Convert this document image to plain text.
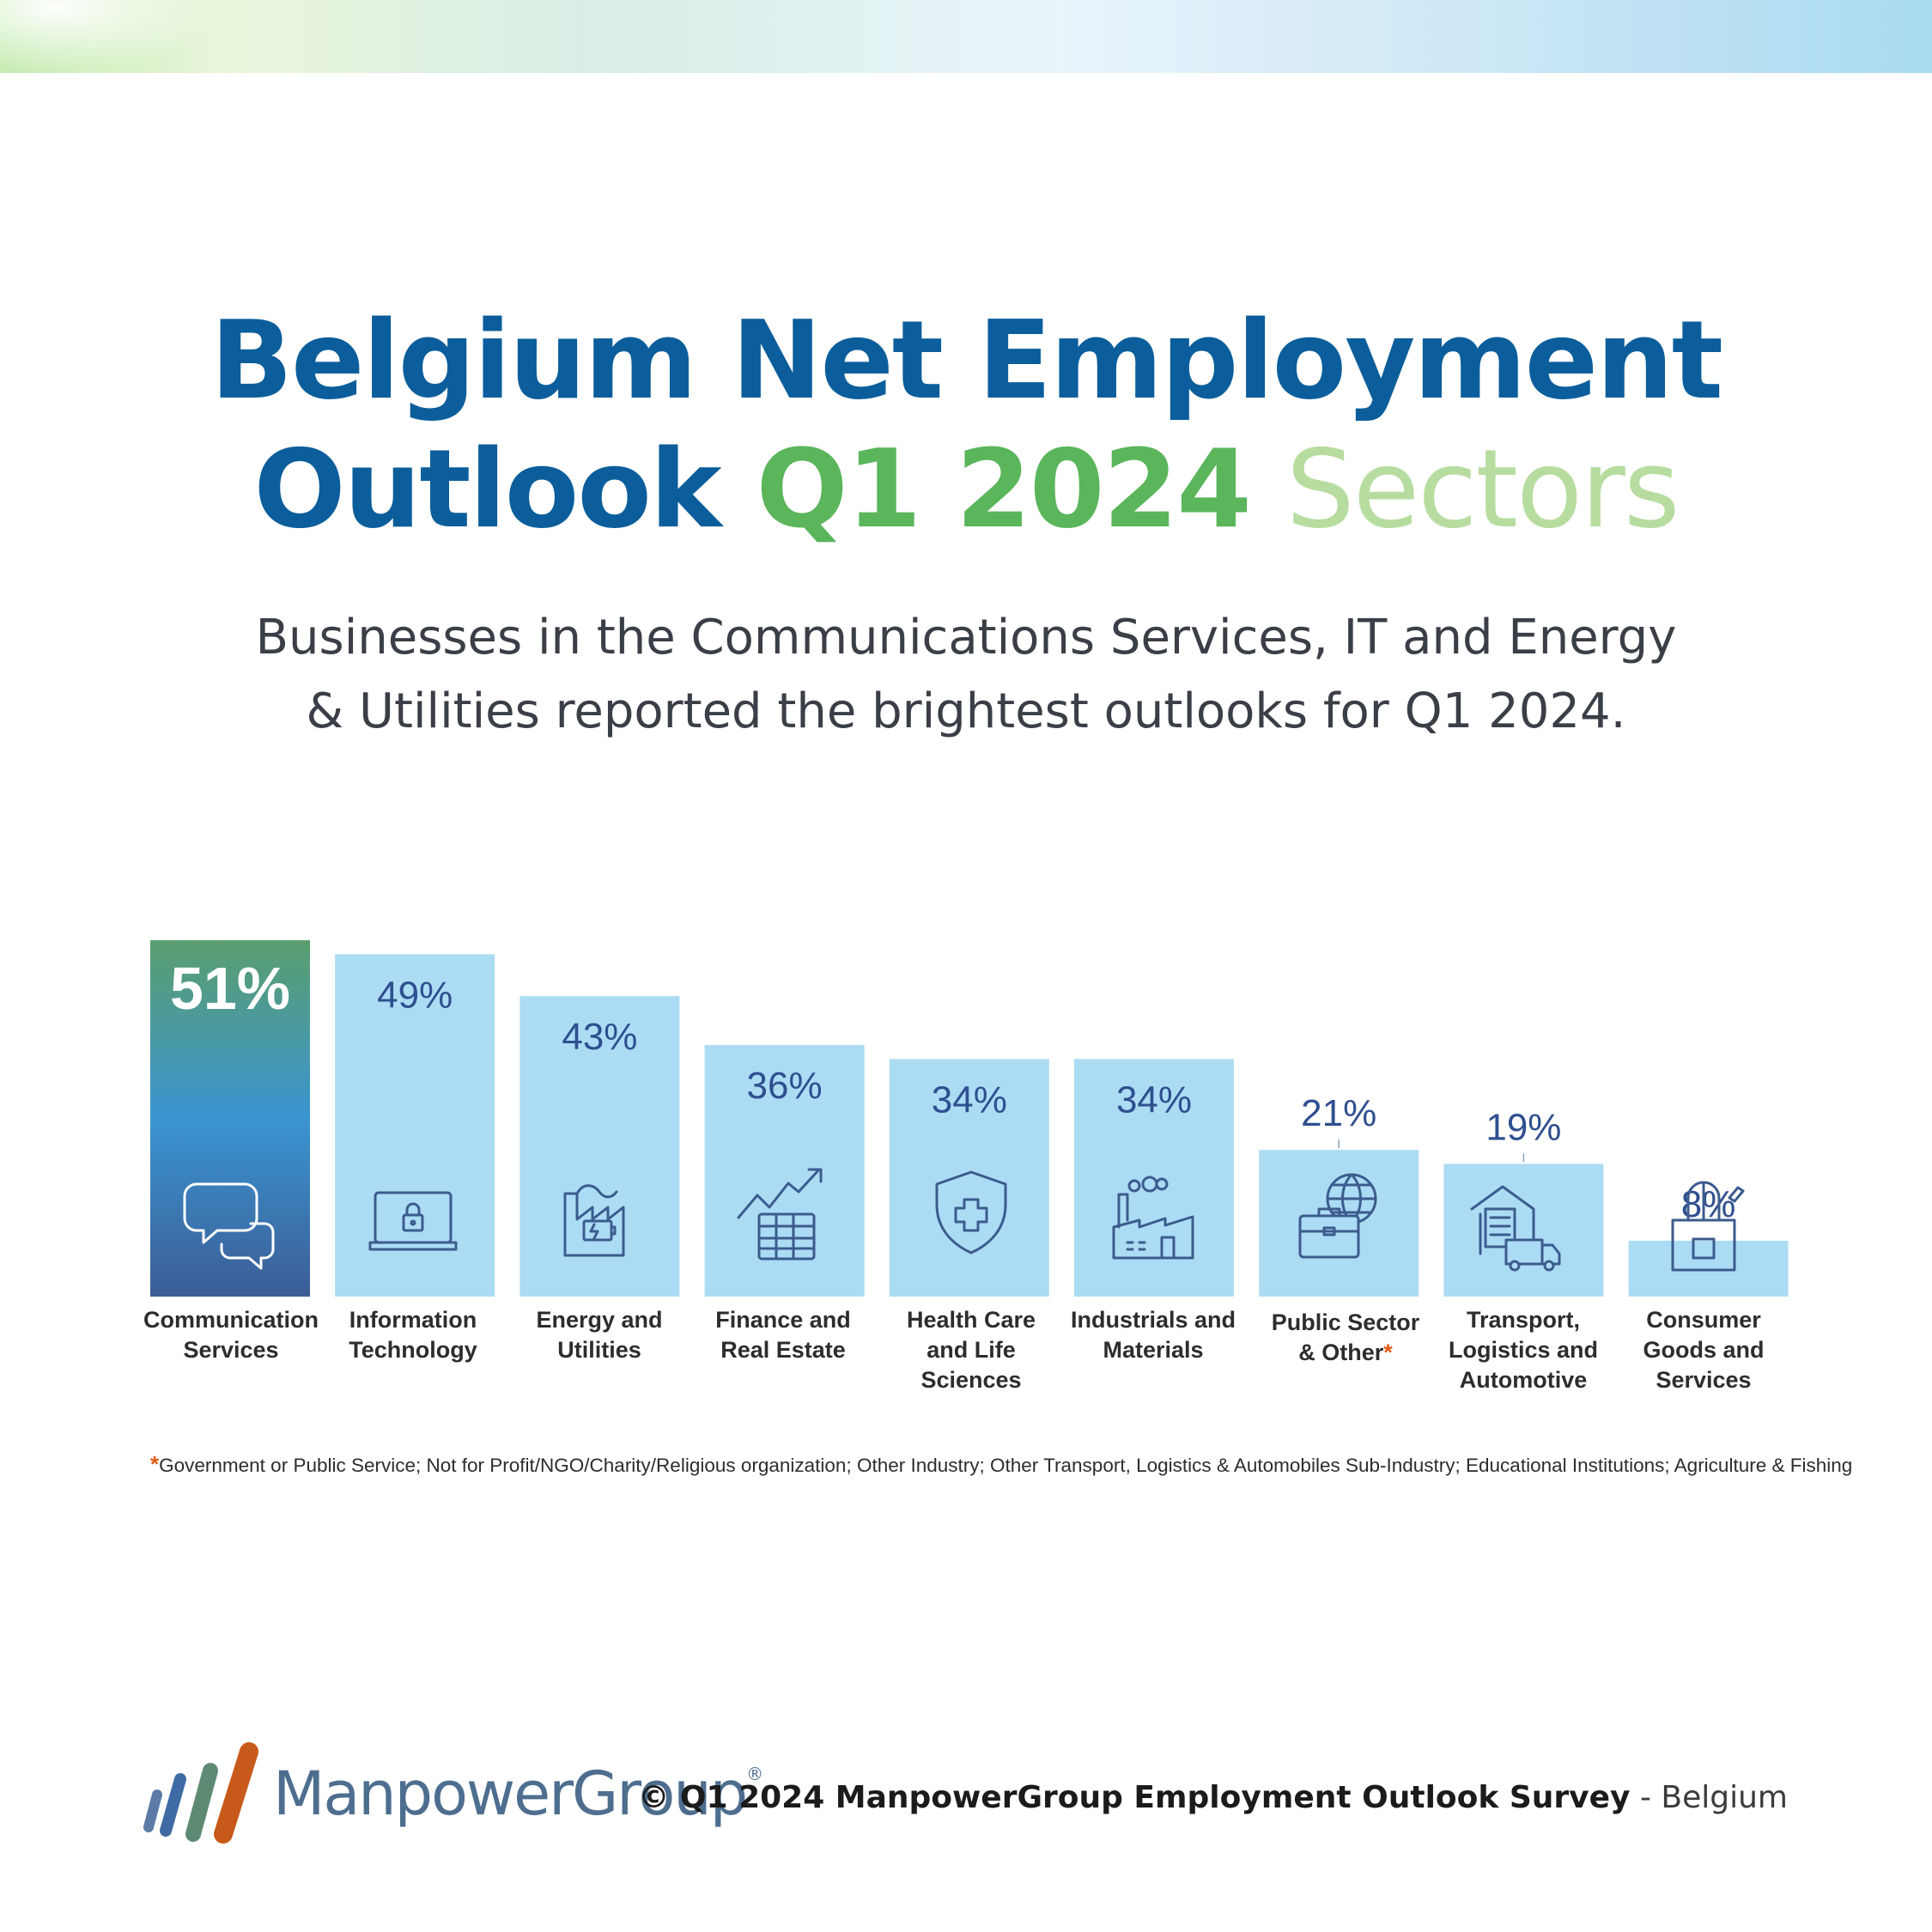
Belgium Net Employment
Outlook Q1 2024 Sectors
Businesses in the Communications Services, IT and Energy
& Utilities reported the brightest outlooks for Q1 2024.
51% 49%
43%
36%	34%	34%	21%	19%
8%
Communication
Services
Information
Technology
Energy and
Utilities
Finance and
Real Estate
Health Care
and Life
Sciences
Industrials and
Materials
Public Sector
& Other*
Transport,
Logistics and
Automotive
Consumer
Goods and
Services
*Government or Public Service; Not for Profit/NGO/Charity/Religious organization; Other Industry; Other Transport, Logistics & Automobiles Sub-Industry; Educational Institutions; Agriculture & Fishing
ManpowerGroup®
© Q1 2024 ManpowerGroup Employment Outlook Survey - Belgium
